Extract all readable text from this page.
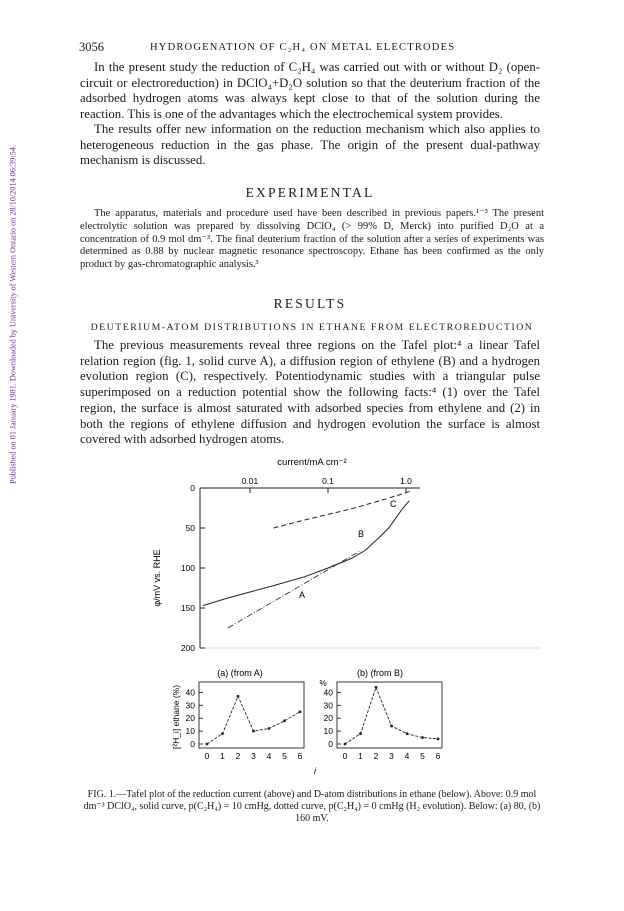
Published on 01 January 1981. Downloaded by University of Western Ontario on 28/10/2014 06:39:54.
3056	HYDROGENATION OF C₂H₄ ON METAL ELECTRODES
In the present study the reduction of C₂H₄ was carried out with or without D₂ (open-circuit or electroreduction) in DClO₄+D₂O solution so that the deuterium fraction of the adsorbed hydrogen atoms was always kept close to that of the solution during the reaction. This is one of the advantages which the electrochemical system provides.
The results offer new information on the reduction mechanism which also applies to heterogeneous reduction in the gas phase. The origin of the present dual-pathway mechanism is discussed.
EXPERIMENTAL
The apparatus, materials and procedure used have been described in previous papers.¹⁻³ The present electrolytic solution was prepared by dissolving DClO₄ (> 99% D, Merck) into purified D₂O at a concentration of 0.9 mol dm⁻³. The final deuterium fraction of the solution after a series of experiments was determined as 0.88 by nuclear magnetic resonance spectroscopy. Ethane has been confirmed as the only product by gas-chromatographic analysis.³
RESULTS
DEUTERIUM-ATOM DISTRIBUTIONS IN ETHANE FROM ELECTROREDUCTION
The previous measurements reveal three regions on the Tafel plot:⁴ a linear Tafel relation region (fig. 1, solid curve A), a diffusion region of ethylene (B) and a hydrogen evolution region (C), respectively. Potentiodynamic studies with a triangular pulse superimposed on a reduction potential show the following facts:⁴ (1) over the Tafel region, the surface is almost saturated with adsorbed species from ethylene and (2) in both the regions of ethylene diffusion and hydrogen evolution the surface is almost covered with adsorbed hydrogen atoms.
current/mA cm⁻²
φ/mV vs. RHE
0.01	0.1	1.0
0
50
100
150
200
A
B
C
(a) (from A)
[²H_i] ethane (%)
0 1 2 3 4 5 6
0
10
20
30
40
(b) (from B)
%
i
0 1 2 3 4 5 6
0
10
20
30
40
FIG. 1.—Tafel plot of the reduction current (above) and D-atom distributions in ethane (below). Above: 0.9 mol dm⁻³ DClO₄, solid curve, p(C₂H₄) = 10 cmHg, dotted curve, p(C₂H₄) = 0 cmHg (H₂ evolution). Below: (a) 80, (b) 160 mV.
